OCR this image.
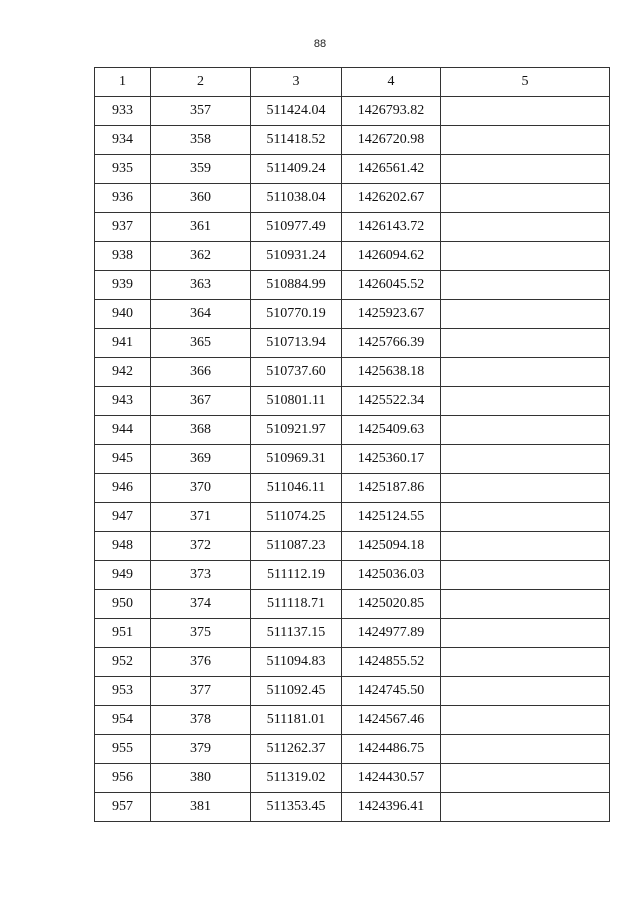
88
1	2	3	4	5
933	357	511424.04	1426793.82	
934	358	511418.52	1426720.98	
935	359	511409.24	1426561.42	
936	360	511038.04	1426202.67	
937	361	510977.49	1426143.72	
938	362	510931.24	1426094.62	
939	363	510884.99	1426045.52	
940	364	510770.19	1425923.67	
941	365	510713.94	1425766.39	
942	366	510737.60	1425638.18	
943	367	510801.11	1425522.34	
944	368	510921.97	1425409.63	
945	369	510969.31	1425360.17	
946	370	511046.11	1425187.86	
947	371	511074.25	1425124.55	
948	372	511087.23	1425094.18	
949	373	511112.19	1425036.03	
950	374	511118.71	1425020.85	
951	375	511137.15	1424977.89	
952	376	511094.83	1424855.52	
953	377	511092.45	1424745.50	
954	378	511181.01	1424567.46	
955	379	511262.37	1424486.75	
956	380	511319.02	1424430.57	
957	381	511353.45	1424396.41	
